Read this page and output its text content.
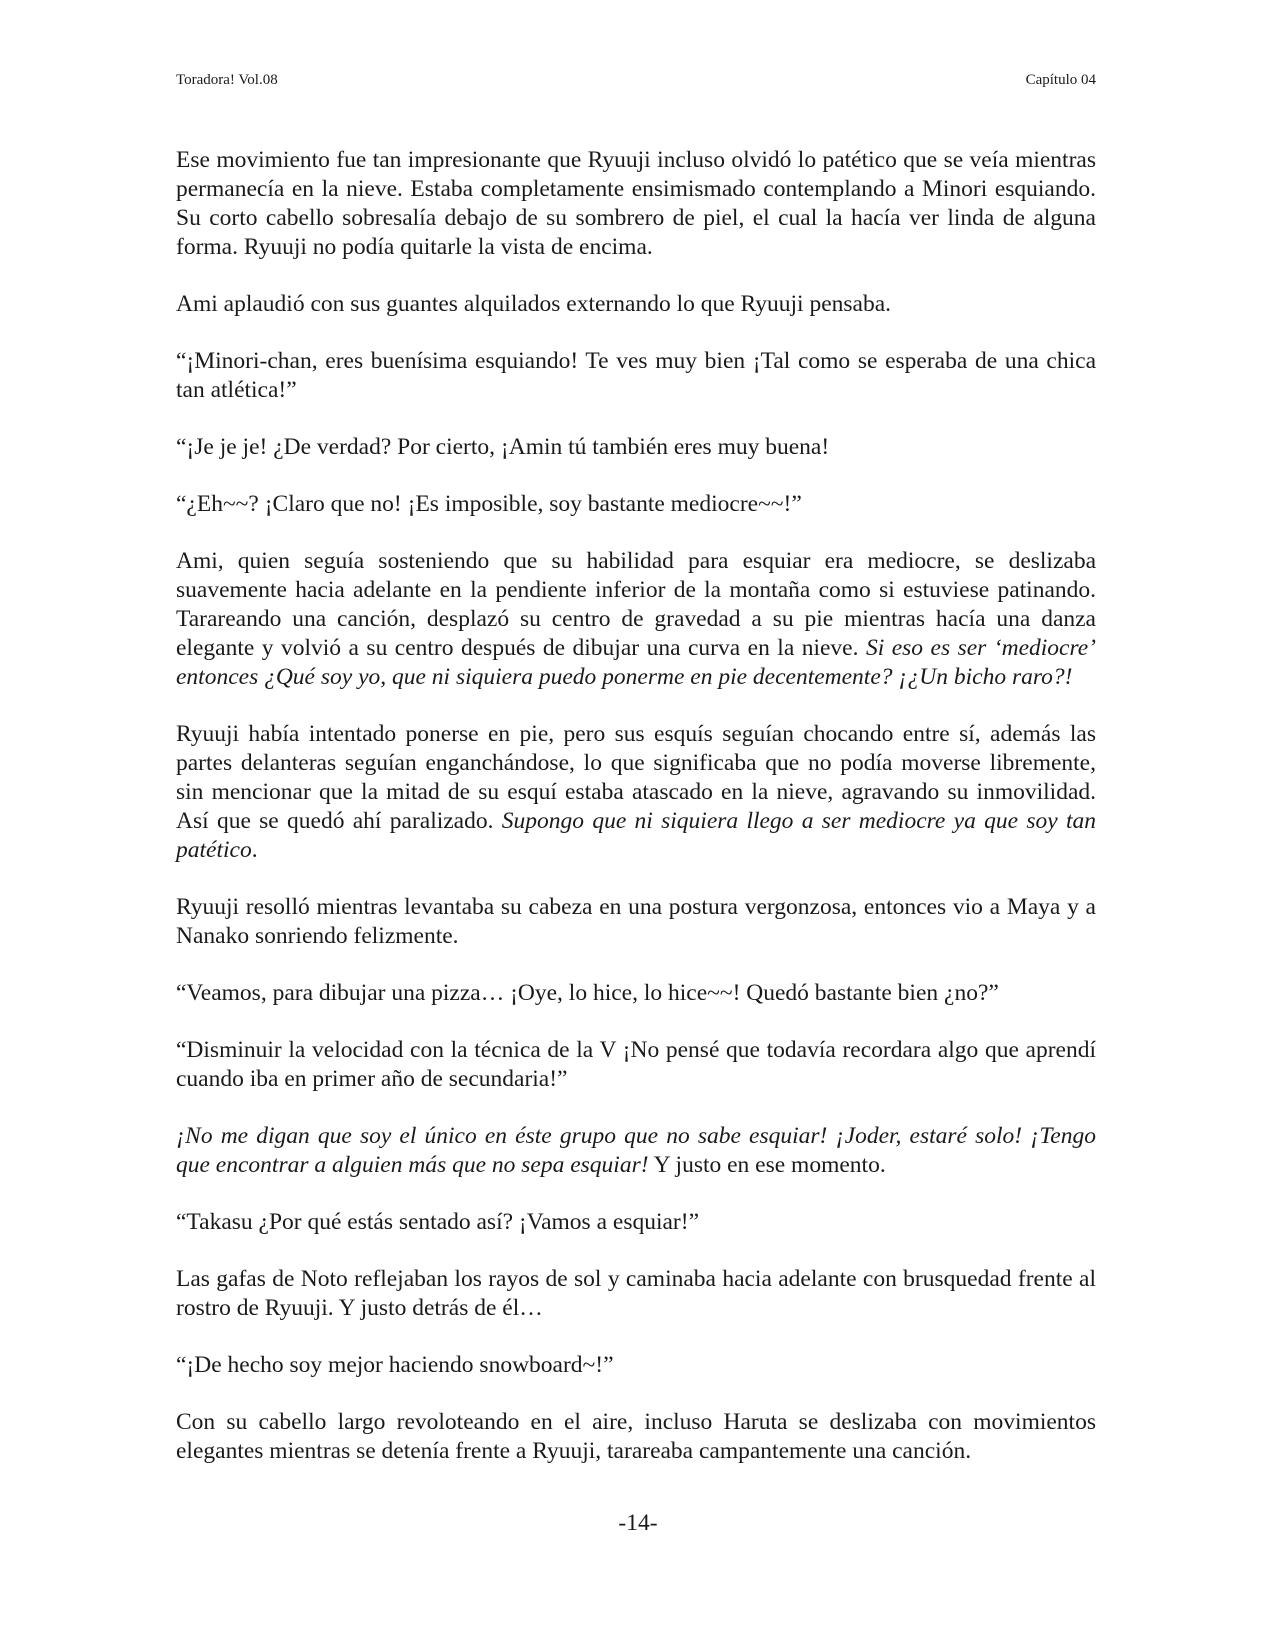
Toradora! Vol.08	Capítulo 04

Ese movimiento fue tan impresionante que Ryuuji incluso olvidó lo patético que se veía mientras permanecía en la nieve. Estaba completamente ensimismado contemplando a Minori esquiando. Su corto cabello sobresalía debajo de su sombrero de piel, el cual la hacía ver linda de alguna forma. Ryuuji no podía quitarle la vista de encima.

Ami aplaudió con sus guantes alquilados externando lo que Ryuuji pensaba.

“¡Minori-chan, eres buenísima esquiando! Te ves muy bien ¡Tal como se esperaba de una chica tan atlética!”

“¡Je je je! ¿De verdad? Por cierto, ¡Amin tú también eres muy buena!

“¿Eh~~? ¡Claro que no! ¡Es imposible, soy bastante mediocre~~!”

Ami, quien seguía sosteniendo que su habilidad para esquiar era mediocre, se deslizaba suavemente hacia adelante en la pendiente inferior de la montaña como si estuviese patinando. Tarareando una canción, desplazó su centro de gravedad a su pie mientras hacía una danza elegante y volvió a su centro después de dibujar una curva en la nieve. Si eso es ser ‘mediocre’ entonces ¿Qué soy yo, que ni siquiera puedo ponerme en pie decentemente? ¡¿Un bicho raro?!

Ryuuji había intentado ponerse en pie, pero sus esquís seguían chocando entre sí, además las partes delanteras seguían enganchándose, lo que significaba que no podía moverse libremente, sin mencionar que la mitad de su esquí estaba atascado en la nieve, agravando su inmovilidad. Así que se quedó ahí paralizado. Supongo que ni siquiera llego a ser mediocre ya que soy tan patético.

Ryuuji resolló mientras levantaba su cabeza en una postura vergonzosa, entonces vio a Maya y a Nanako sonriendo felizmente.

“Veamos, para dibujar una pizza… ¡Oye, lo hice, lo hice~~! Quedó bastante bien ¿no?”

“Disminuir la velocidad con la técnica de la V ¡No pensé que todavía recordara algo que aprendí cuando iba en primer año de secundaria!”

¡No me digan que soy el único en éste grupo que no sabe esquiar! ¡Joder, estaré solo! ¡Tengo que encontrar a alguien más que no sepa esquiar! Y justo en ese momento.

“Takasu ¿Por qué estás sentado así? ¡Vamos a esquiar!”

Las gafas de Noto reflejaban los rayos de sol y caminaba hacia adelante con brusquedad frente al rostro de Ryuuji. Y justo detrás de él…

“¡De hecho soy mejor haciendo snowboard~!”

Con su cabello largo revoloteando en el aire, incluso Haruta se deslizaba con movimientos elegantes mientras se detenía frente a Ryuuji, tarareaba campantemente una canción.

-14-
